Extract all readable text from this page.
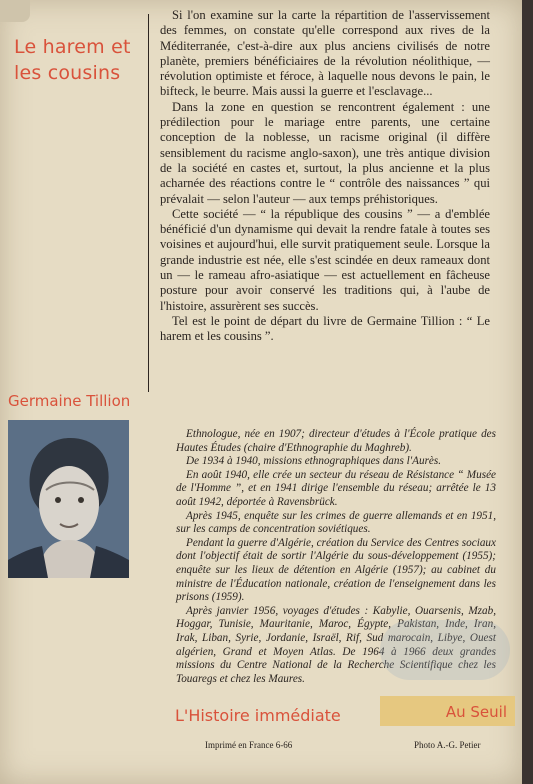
Le harem et
les cousins

Si l'on examine sur la carte la répartition de l'asservissement des femmes, on constate qu'elle correspond aux rives de la Méditerranée, c'est-à-dire aux plus anciens civilisés de notre planète, premiers bénéficiaires de la révolution néolithique, — révolution optimiste et féroce, à laquelle nous devons le pain, le bifteck, le beurre. Mais aussi la guerre et l'esclavage...

Dans la zone en question se rencontrent également : une prédilection pour le mariage entre parents, une certaine conception de la noblesse, un racisme original (il diffère sensiblement du racisme anglo-saxon), une très antique division de la société en castes et, surtout, la plus ancienne et la plus acharnée des réactions contre le “ contrôle des naissances ” qui prévalait — selon l'auteur — aux temps préhistoriques.

Cette société — “ la république des cousins ” — a d'emblée bénéficié d'un dynamisme qui devait la rendre fatale à toutes ses voisines et aujourd'hui, elle survit pratiquement seule. Lorsque la grande industrie est née, elle s'est scindée en deux rameaux dont un — le rameau afro-asiatique — est actuellement en fâcheuse posture pour avoir conservé les traditions qui, à l'aube de l'histoire, assurèrent ses succès.

Tel est le point de départ du livre de Germaine Tillion : “ Le harem et les cousins ”.

Germaine Tillion

Ethnologue, née en 1907; directeur d'études à l'École pratique des Hautes Études (chaire d'Ethnographie du Maghreb).

De 1934 à 1940, missions ethnographiques dans l'Aurès.

En août 1940, elle crée un secteur du réseau de Résistance “ Musée de l'Homme ”, et en 1941 dirige l'ensemble du réseau; arrêtée le 13 août 1942, déportée à Ravensbrück.

Après 1945, enquête sur les crimes de guerre allemands et en 1951, sur les camps de concentration soviétiques.

Pendant la guerre d'Algérie, création du Service des Centres sociaux dont l'objectif était de sortir l'Algérie du sous-développement (1955); enquête sur les lieux de détention en Algérie (1957); au cabinet du ministre de l'Éducation nationale, création de l'enseignement dans les prisons (1959).

Après janvier 1956, voyages d'études : Kabylie, Ouarsenis, Mzab, Hoggar, Tunisie, Mauritanie, Maroc, Égypte, Pakistan, Inde, Iran, Irak, Liban, Syrie, Jordanie, Israël, Rif, Sud marocain, Libye, Ouest algérien, Grand et Moyen Atlas. De 1964 à 1966 deux grandes missions du Centre National de la Recherche Scientifique chez les Touaregs et chez les Maures.

L'Histoire immédiate	Au Seuil
Imprimé en France 6-66	Photo A.-G. Petier
